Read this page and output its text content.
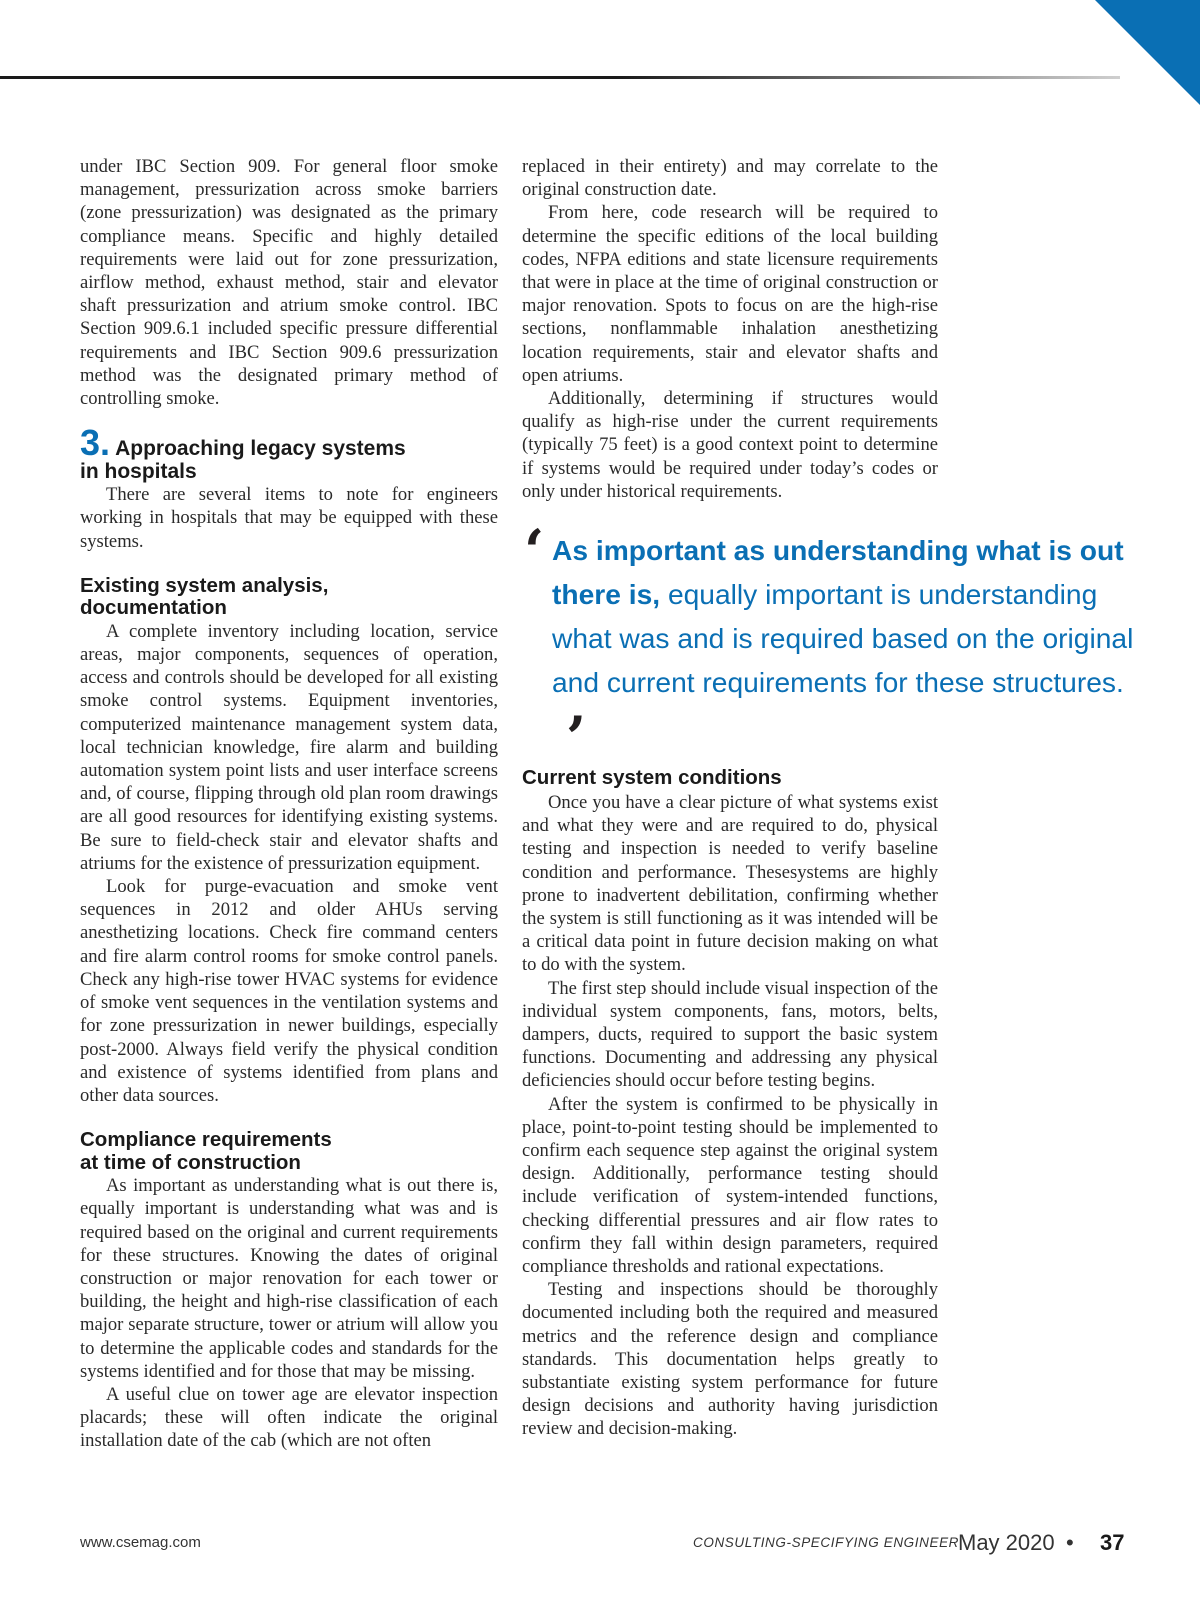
under IBC Section 909. For general floor smoke management, pressurization across smoke barriers (zone pressurization) was designated as the primary compliance means. Specific and highly detailed requirements were laid out for zone pressurization, airflow method, exhaust method, stair and elevator shaft pressurization and atrium smoke control. IBC Section 909.6.1 included specific pressure differential requirements and IBC Section 909.6 pressurization method was the designated primary method of controlling smoke.

3. Approaching legacy systems
in hospitals

There are several items to note for engineers working in hospitals that may be equipped with these systems.

Existing system analysis,
documentation

A complete inventory including location, service areas, major components, sequences of operation, access and controls should be developed for all existing smoke control systems. Equipment inventories, computerized maintenance management system data, local technician knowledge, fire alarm and building automation system point lists and user interface screens and, of course, flipping through old plan room drawings are all good resources for identifying existing systems. Be sure to field-check stair and elevator shafts and atriums for the existence of pressurization equipment.

Look for purge-evacuation and smoke vent sequences in 2012 and older AHUs serving anesthetizing locations. Check fire command centers and fire alarm control rooms for smoke control panels. Check any high-rise tower HVAC systems for evidence of smoke vent sequences in the ventilation systems and for zone pressurization in newer buildings, especially post-2000. Always field verify the physical condition and existence of systems identified from plans and other data sources.

Compliance requirements
at time of construction

As important as understanding what is out there is, equally important is understanding what was and is required based on the original and current requirements for these structures. Knowing the dates of original construction or major renovation for each tower or building, the height and high-rise classification of each major separate structure, tower or atrium will allow you to determine the applicable codes and standards for the systems identified and for those that may be missing.

A useful clue on tower age are elevator inspection placards; these will often indicate the original installation date of the cab (which are not often

replaced in their entirety) and may correlate to the original construction date.

From here, code research will be required to determine the specific editions of the local building codes, NFPA editions and state licensure requirements that were in place at the time of original construction or major renovation. Spots to focus on are the high-rise sections, nonflammable inhalation anesthetizing location requirements, stair and elevator shafts and open atriums.

Additionally, determining if structures would qualify as high-rise under the current requirements (typically 75 feet) is a good context point to determine if systems would be required under today’s codes or only under historical requirements.

Current system conditions

Once you have a clear picture of what systems exist and what they were and are required to do, physical testing and inspection is needed to verify baseline condition and performance. Thesesystems are highly prone to inadvertent debilitation, confirming whether the system is still functioning as it was intended will be a critical data point in future decision making on what to do with the system.

The first step should include visual inspection of the individual system components, fans, motors, belts, dampers, ducts, required to support the basic system functions. Documenting and addressing any physical deficiencies should occur before testing begins.

After the system is confirmed to be physically in place, point-to-point testing should be implemented to confirm each sequence step against the original system design. Additionally, performance testing should include verification of system-intended functions, checking differential pressures and air flow rates to confirm they fall within design parameters, required compliance thresholds and rational expectations.

Testing and inspections should be thoroughly documented including both the required and measured metrics and the reference design and compliance standards. This documentation helps greatly to substantiate existing system performance for future design decisions and authority having jurisdiction review and decision-making.

‘ As important as understanding what is out there is, equally important is understanding what was and is required based on the original and current requirements for these structures.’
www.csemag.com	CONSULTING-SPECIFYING ENGINEER
May 2020 • 37
